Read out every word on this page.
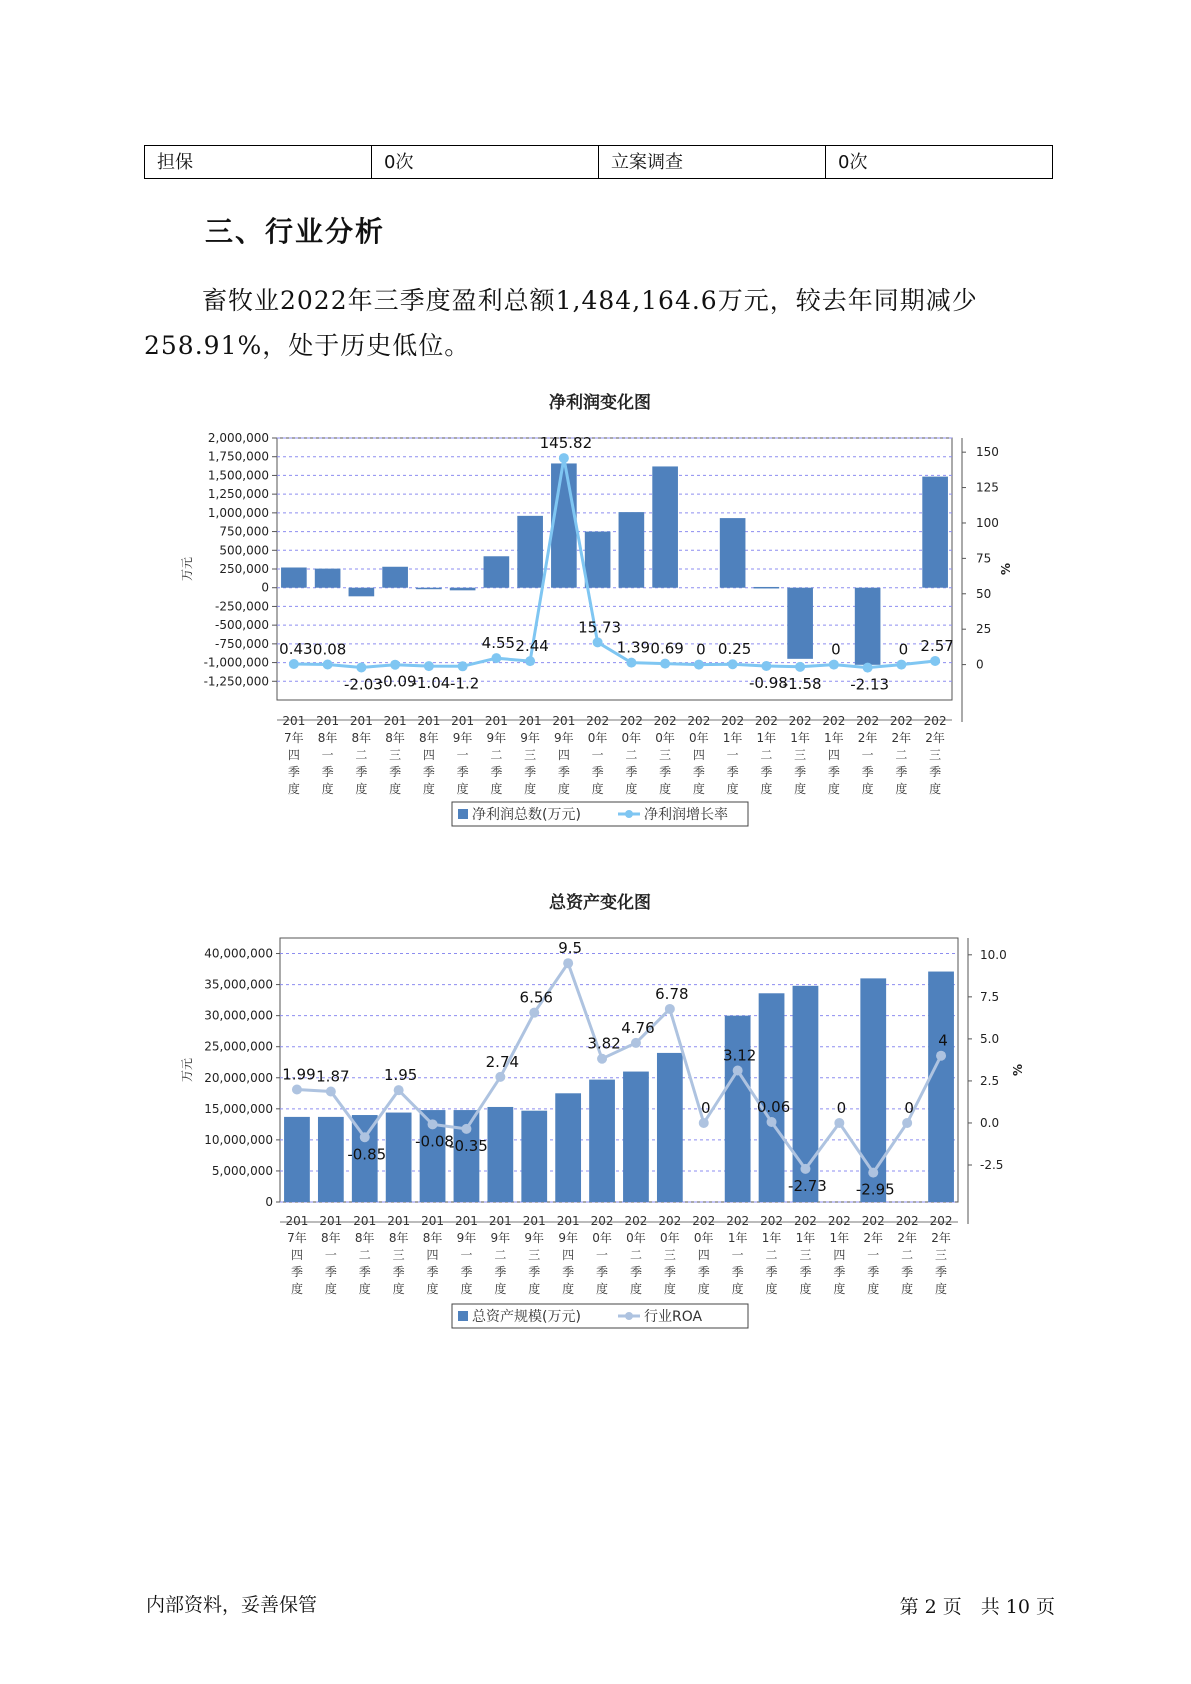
担保	0次	立案调查	0次
三、行业分析

畜牧业2022年三季度盈利总额1,484,164.6万元，较去年同期减少258.91%，处于历史低位。

净利润变化图
2,000,000
1,750,000
1,500,000
1,250,000
1,000,000
750,000
500,000
250,000
0
-250,000
-500,000
-750,000
-1,000,000
-1,250,000
万元
150
125
100
75
50
25
0
%
0.43 0.08
-2.03
-0.09
-1.04 -1.2
4.55 2.44
145.82
15.73
1.39 0.69 0 0.25
-0.98
-1.58
0
-2.13
0 2.57
201
7年
四
季
度
201
8年
一
季
度
201
8年
二
季
度
201
8年
三
季
度
201
8年
四
季
度
201
9年
一
季
度
201
9年
二
季
度
201
9年
三
季
度
201
9年
四
季
度
202
0年
一
季
度
202
0年
二
季
度
202
0年
三
季
度
202
0年
四
季
度
202
1年
一
季
度
202
1年
二
季
度
202
1年
三
季
度
202
1年
四
季
度
202
2年
一
季
度
202
2年
二
季
度
202
2年
三
季
度
净利润总数(万元)	净利润增长率
总资产变化图
40,000,000
35,000,000
30,000,000
25,000,000
20,000,000
15,000,000
10,000,000
5,000,000
0
万元
10.0
7.5
5.0
2.5
0.0
-2.5
%
1.99 1.87
-0.85
1.95
-0.08
-0.35
2.74
6.56
9.5
3.82
4.76
6.78
0
3.12
0.06
-2.73
0
-2.95
0
4
201
7年
四
季
度
201
8年
一
季
度
201
8年
二
季
度
201
8年
三
季
度
201
8年
四
季
度
201
9年
一
季
度
201
9年
二
季
度
201
9年
三
季
度
201
9年
四
季
度
202
0年
一
季
度
202
0年
二
季
度
202
0年
三
季
度
202
0年
四
季
度
202
1年
一
季
度
202
1年
二
季
度
202
1年
三
季
度
202
1年
四
季
度
202
2年
一
季
度
202
2年
二
季
度
202
2年
三
季
度
总资产规模(万元)	行业ROA
内部资料，妥善保管	第 2 页　共 10 页
